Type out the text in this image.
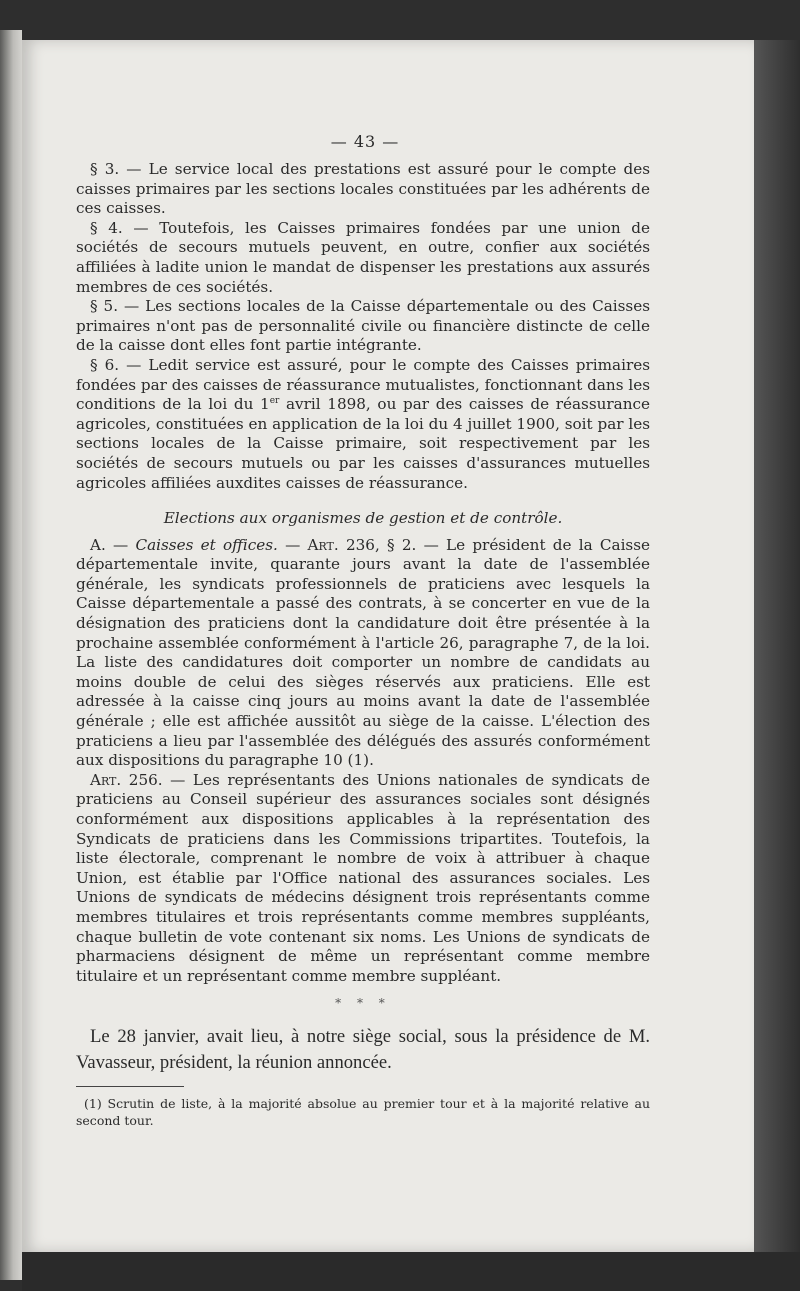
— 43 —

§ 3. — Le service local des prestations est assuré pour le compte des caisses primaires par les sections locales constituées par les adhérents de ces caisses.

§ 4. — Toutefois, les Caisses primaires fondées par une union de sociétés de secours mutuels peuvent, en outre, confier aux sociétés affiliées à ladite union le mandat de dispenser les prestations aux assurés membres de ces sociétés.

§ 5. — Les sections locales de la Caisse départementale ou des Caisses primaires n'ont pas de personnalité civile ou financière distincte de celle de la caisse dont elles font partie intégrante.

§ 6. — Ledit service est assuré, pour le compte des Caisses primaires fondées par des caisses de réassurance mutualistes, fonctionnant dans les conditions de la loi du 1er avril 1898, ou par des caisses de réassurance agricoles, constituées en application de la loi du 4 juillet 1900, soit par les sections locales de la Caisse primaire, soit respectivement par les sociétés de secours mutuels ou par les caisses d'assurances mutuelles agricoles affiliées auxdites caisses de réassurance.

Elections aux organismes de gestion et de contrôle.

A. — Caisses et offices. — Art. 236, § 2. — Le président de la Caisse départementale invite, quarante jours avant la date de l'assemblée générale, les syndicats professionnels de praticiens avec lesquels la Caisse départementale a passé des contrats, à se concerter en vue de la désignation des praticiens dont la candidature doit être présentée à la prochaine assemblée conformément à l'article 26, paragraphe 7, de la loi. La liste des candidatures doit comporter un nombre de candidats au moins double de celui des sièges réservés aux praticiens. Elle est adressée à la caisse cinq jours au moins avant la date de l'assemblée générale ; elle est affichée aussitôt au siège de la caisse. L'élection des praticiens a lieu par l'assemblée des délégués des assurés conformément aux dispositions du paragraphe 10 (1).

Art. 256. — Les représentants des Unions nationales de syndicats de praticiens au Conseil supérieur des assurances sociales sont désignés conformément aux dispositions applicables à la représentation des Syndicats de praticiens dans les Commissions tripartites. Toutefois, la liste électorale, comprenant le nombre de voix à attribuer à chaque Union, est établie par l'Office national des assurances sociales. Les Unions de syndicats de médecins désignent trois représentants comme membres titulaires et trois représentants comme membres suppléants, chaque bulletin de vote contenant six noms. Les Unions de syndicats de pharmaciens désignent de même un représentant comme membre titulaire et un représentant comme membre suppléant.

* * *

Le 28 janvier, avait lieu, à notre siège social, sous la présidence de M. Vavasseur, président, la réunion annoncée.

(1) Scrutin de liste, à la majorité absolue au premier tour et à la majorité relative au second tour.
